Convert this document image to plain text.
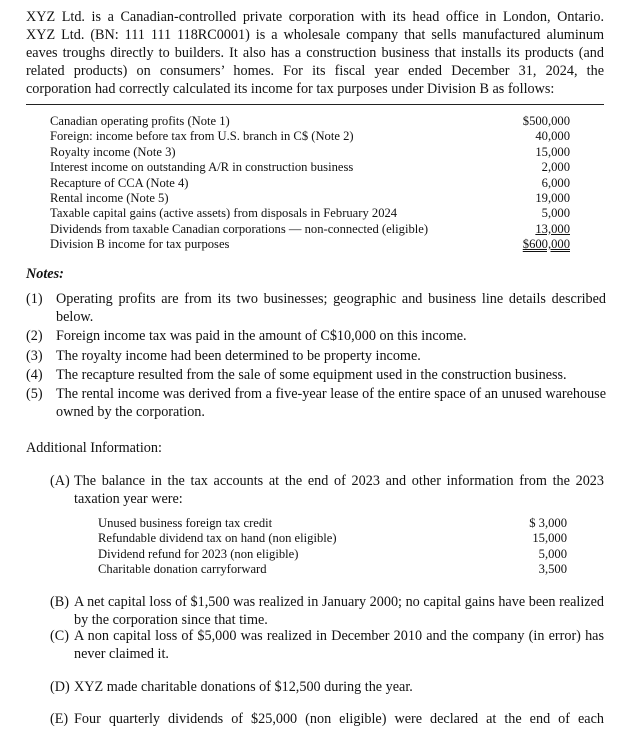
XYZ Ltd. is a Canadian-controlled private corporation with its head office in London, Ontario.
XYZ Ltd. (BN: 111 111 118RC0001) is a wholesale company that sells manufactured aluminum
eaves troughs directly to builders. It also has a construction business that installs its products (and
related products) on consumers’ homes. For its fiscal year ended December 31, 2024, the
corporation had correctly calculated its income for tax purposes under Division B as follows:
Canadian operating profits (Note 1)	$500,000
Foreign: income before tax from U.S. branch in C$ (Note 2)	40,000
Royalty income (Note 3)	15,000
Interest income on outstanding A/R in construction business	2,000
Recapture of CCA (Note 4)	6,000
Rental income (Note 5)	19,000
Taxable capital gains (active assets) from disposals in February 2024	5,000
Dividends from taxable Canadian corporations — non-connected (eligible)	13,000
Division B income for tax purposes	$600,000
Notes:
(1) Operating profits are from its two businesses; geographic and business line details described below.
(2) Foreign income tax was paid in the amount of C$10,000 on this income.
(3) The royalty income had been determined to be property income.
(4) The recapture resulted from the sale of some equipment used in the construction business.
(5) The rental income was derived from a five-year lease of the entire space of an unused warehouse owned by the corporation.
Additional Information:
(A) The balance in the tax accounts at the end of 2023 and other information from the 2023 taxation year were:
Unused business foreign tax credit	$ 3,000
Refundable dividend tax on hand (non eligible)	15,000
Dividend refund for 2023 (non eligible)	5,000
Charitable donation carryforward	3,500
(B) A net capital loss of $1,500 was realized in January 2000; no capital gains have been realized by the corporation since that time.
(C) A non capital loss of $5,000 was realized in December 2010 and the company (in error) has never claimed it.
(D) XYZ made charitable donations of $12,500 during the year.
(E) Four quarterly dividends of $25,000 (non eligible) were declared at the end of each
